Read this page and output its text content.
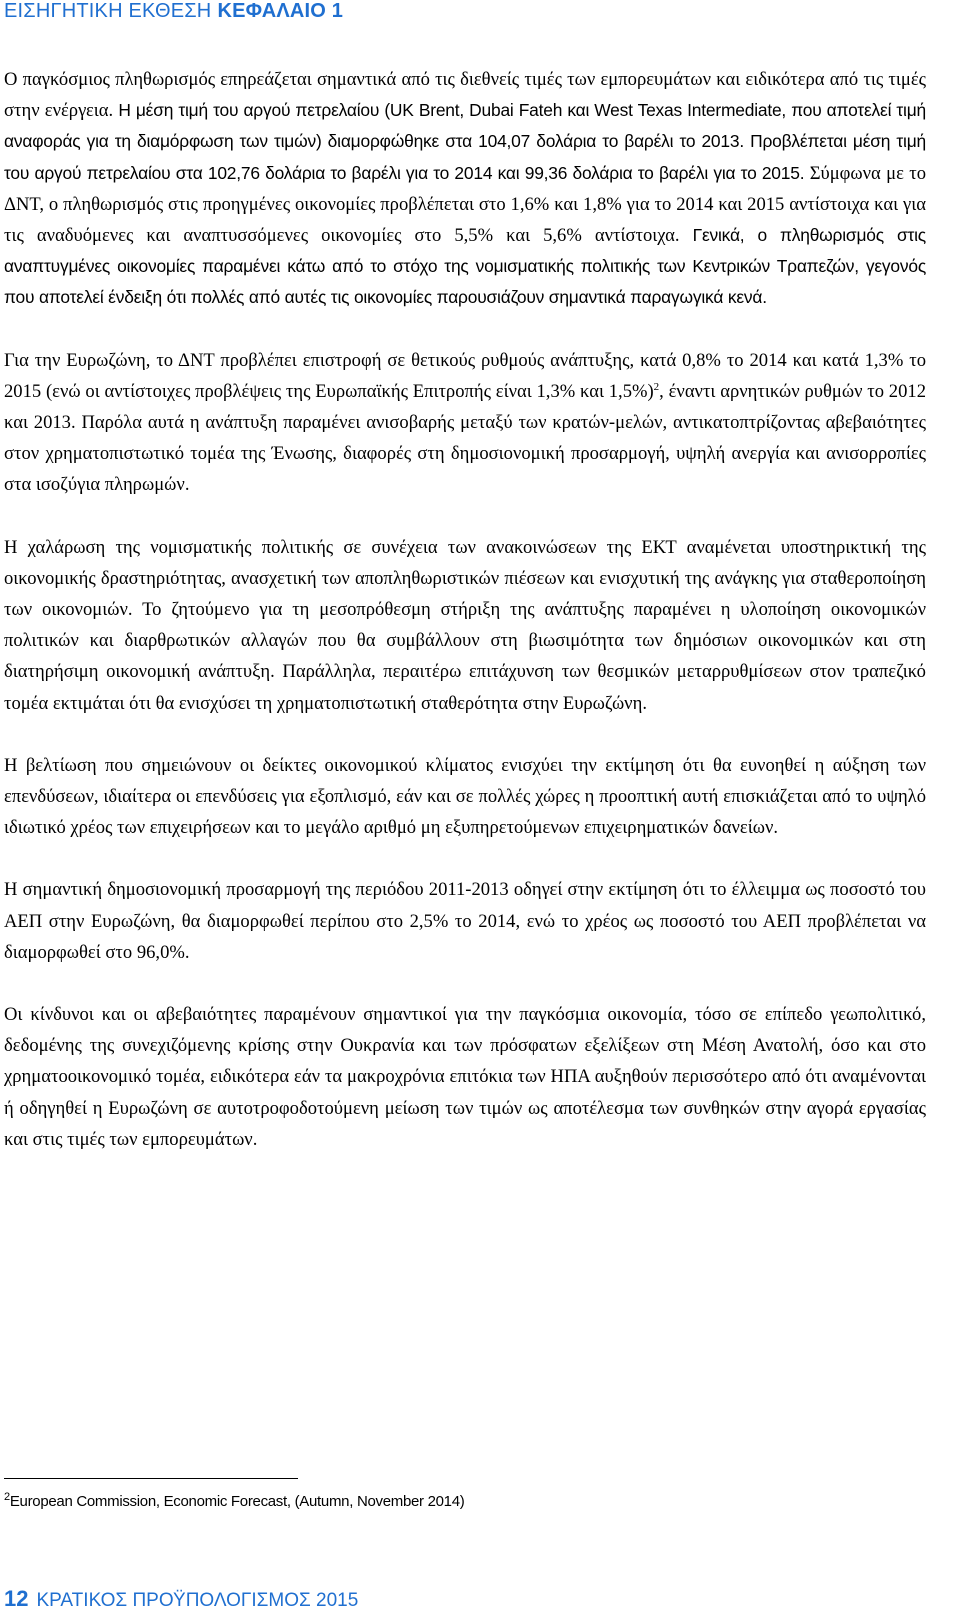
ΕΙΣΗΓΗΤΙΚΗ ΕΚΘΕΣΗ ΚΕΦΑΛΑΙΟ 1

Ο παγκόσμιος πληθωρισμός επηρεάζεται σημαντικά από τις διεθνείς τιμές των εμπορευμάτων και ειδικότερα από τις τιμές στην ενέργεια. Η μέση τιμή του αργού πετρελαίου (UK Brent, Dubai Fateh και West Texas Intermediate, που αποτελεί τιμή αναφοράς για τη διαμόρφωση των τιμών) διαμορφώθηκε στα 104,07 δολάρια το βαρέλι το 2013. Προβλέπεται μέση τιμή του αργού πετρελαίου στα 102,76 δολάρια το βαρέλι για το 2014 και 99,36 δολάρια το βαρέλι για το 2015. Σύμφωνα με το ΔΝΤ, ο πληθωρισμός στις προηγμένες οικονομίες προβλέπεται στο 1,6% και 1,8% για το 2014 και 2015 αντίστοιχα και για τις αναδυόμενες και αναπτυσσόμενες οικονομίες στο 5,5% και 5,6% αντίστοιχα. Γενικά, ο πληθωρισμός στις αναπτυγμένες οικονομίες παραμένει κάτω από το στόχο της νομισματικής πολιτικής των Κεντρικών Τραπεζών, γεγονός που αποτελεί ένδειξη ότι πολλές από αυτές τις οικονομίες παρουσιάζουν σημαντικά παραγωγικά κενά.

Για την Ευρωζώνη, το ΔΝΤ προβλέπει επιστροφή σε θετικούς ρυθμούς ανάπτυξης, κατά 0,8% το 2014 και κατά 1,3% το 2015 (ενώ οι αντίστοιχες προβλέψεις της Ευρωπαϊκής Επιτροπής είναι 1,3% και 1,5%)$^2$, έναντι αρνητικών ρυθμών το 2012 και 2013. Παρόλα αυτά η ανάπτυξη παραμένει ανισοβαρής μεταξύ των κρατών-μελών, αντικατοπτρίζοντας αβεβαιότητες στον χρηματοπιστωτικό τομέα της Ένωσης, διαφορές στη δημοσιονομική προσαρμογή, υψηλή ανεργία και ανισορροπίες στα ισοζύγια πληρωμών.

Η χαλάρωση της νομισματικής πολιτικής σε συνέχεια των ανακοινώσεων της ΕΚΤ αναμένεται υποστηρικτική της οικονομικής δραστηριότητας, ανασχετική των αποπληθωριστικών πιέσεων και ενισχυτική της ανάγκης για σταθεροποίηση των οικονομιών. Το ζητούμενο για τη μεσοπρόθεσμη στήριξη της ανάπτυξης παραμένει η υλοποίηση οικονομικών πολιτικών και διαρθρωτικών αλλαγών που θα συμβάλλουν στη βιωσιμότητα των δημόσιων οικονομικών και στη διατηρήσιμη οικονομική ανάπτυξη. Παράλληλα, περαιτέρω επιτάχυνση των θεσμικών μεταρρυθμίσεων στον τραπεζικό τομέα εκτιμάται ότι θα ενισχύσει τη χρηματοπιστωτική σταθερότητα στην Ευρωζώνη.

Η βελτίωση που σημειώνουν οι δείκτες οικονομικού κλίματος ενισχύει την εκτίμηση ότι θα ευνοηθεί η αύξηση των επενδύσεων, ιδιαίτερα οι επενδύσεις για εξοπλισμό, εάν και σε πολλές χώρες η προοπτική αυτή επισκιάζεται από το υψηλό ιδιωτικό χρέος των επιχειρήσεων και το μεγάλο αριθμό μη εξυπηρετούμενων επιχειρηματικών δανείων.

Η σημαντική δημοσιονομική προσαρμογή της περιόδου 2011-2013 οδηγεί στην εκτίμηση ότι το έλλειμμα ως ποσοστό του ΑΕΠ στην Ευρωζώνη, θα διαμορφωθεί περίπου στο 2,5% το 2014, ενώ το χρέος ως ποσοστό του ΑΕΠ προβλέπεται να διαμορφωθεί στο 96,0%.

Οι κίνδυνοι και οι αβεβαιότητες παραμένουν σημαντικοί για την παγκόσμια οικονομία, τόσο σε επίπεδο γεωπολιτικό, δεδομένης της συνεχιζόμενης κρίσης στην Ουκρανία και των πρόσφατων εξελίξεων στη Μέση Ανατολή, όσο και στο χρηματοοικονομικό τομέα, ειδικότερα εάν τα μακροχρόνια επιτόκια των ΗΠΑ αυξηθούν περισσότερο από ότι αναμένονται ή οδηγηθεί η Ευρωζώνη σε αυτοτροφοδοτούμενη μείωση των τιμών ως αποτέλεσμα των συνθηκών στην αγορά εργασίας και στις τιμές των εμπορευμάτων.

$^2$European Commission, Economic Forecast, (Autumn, November 2014)
12 ΚΡΑΤΙΚΟΣ ΠΡΟΫΠΟΛΟΓΙΣΜΟΣ 2015
